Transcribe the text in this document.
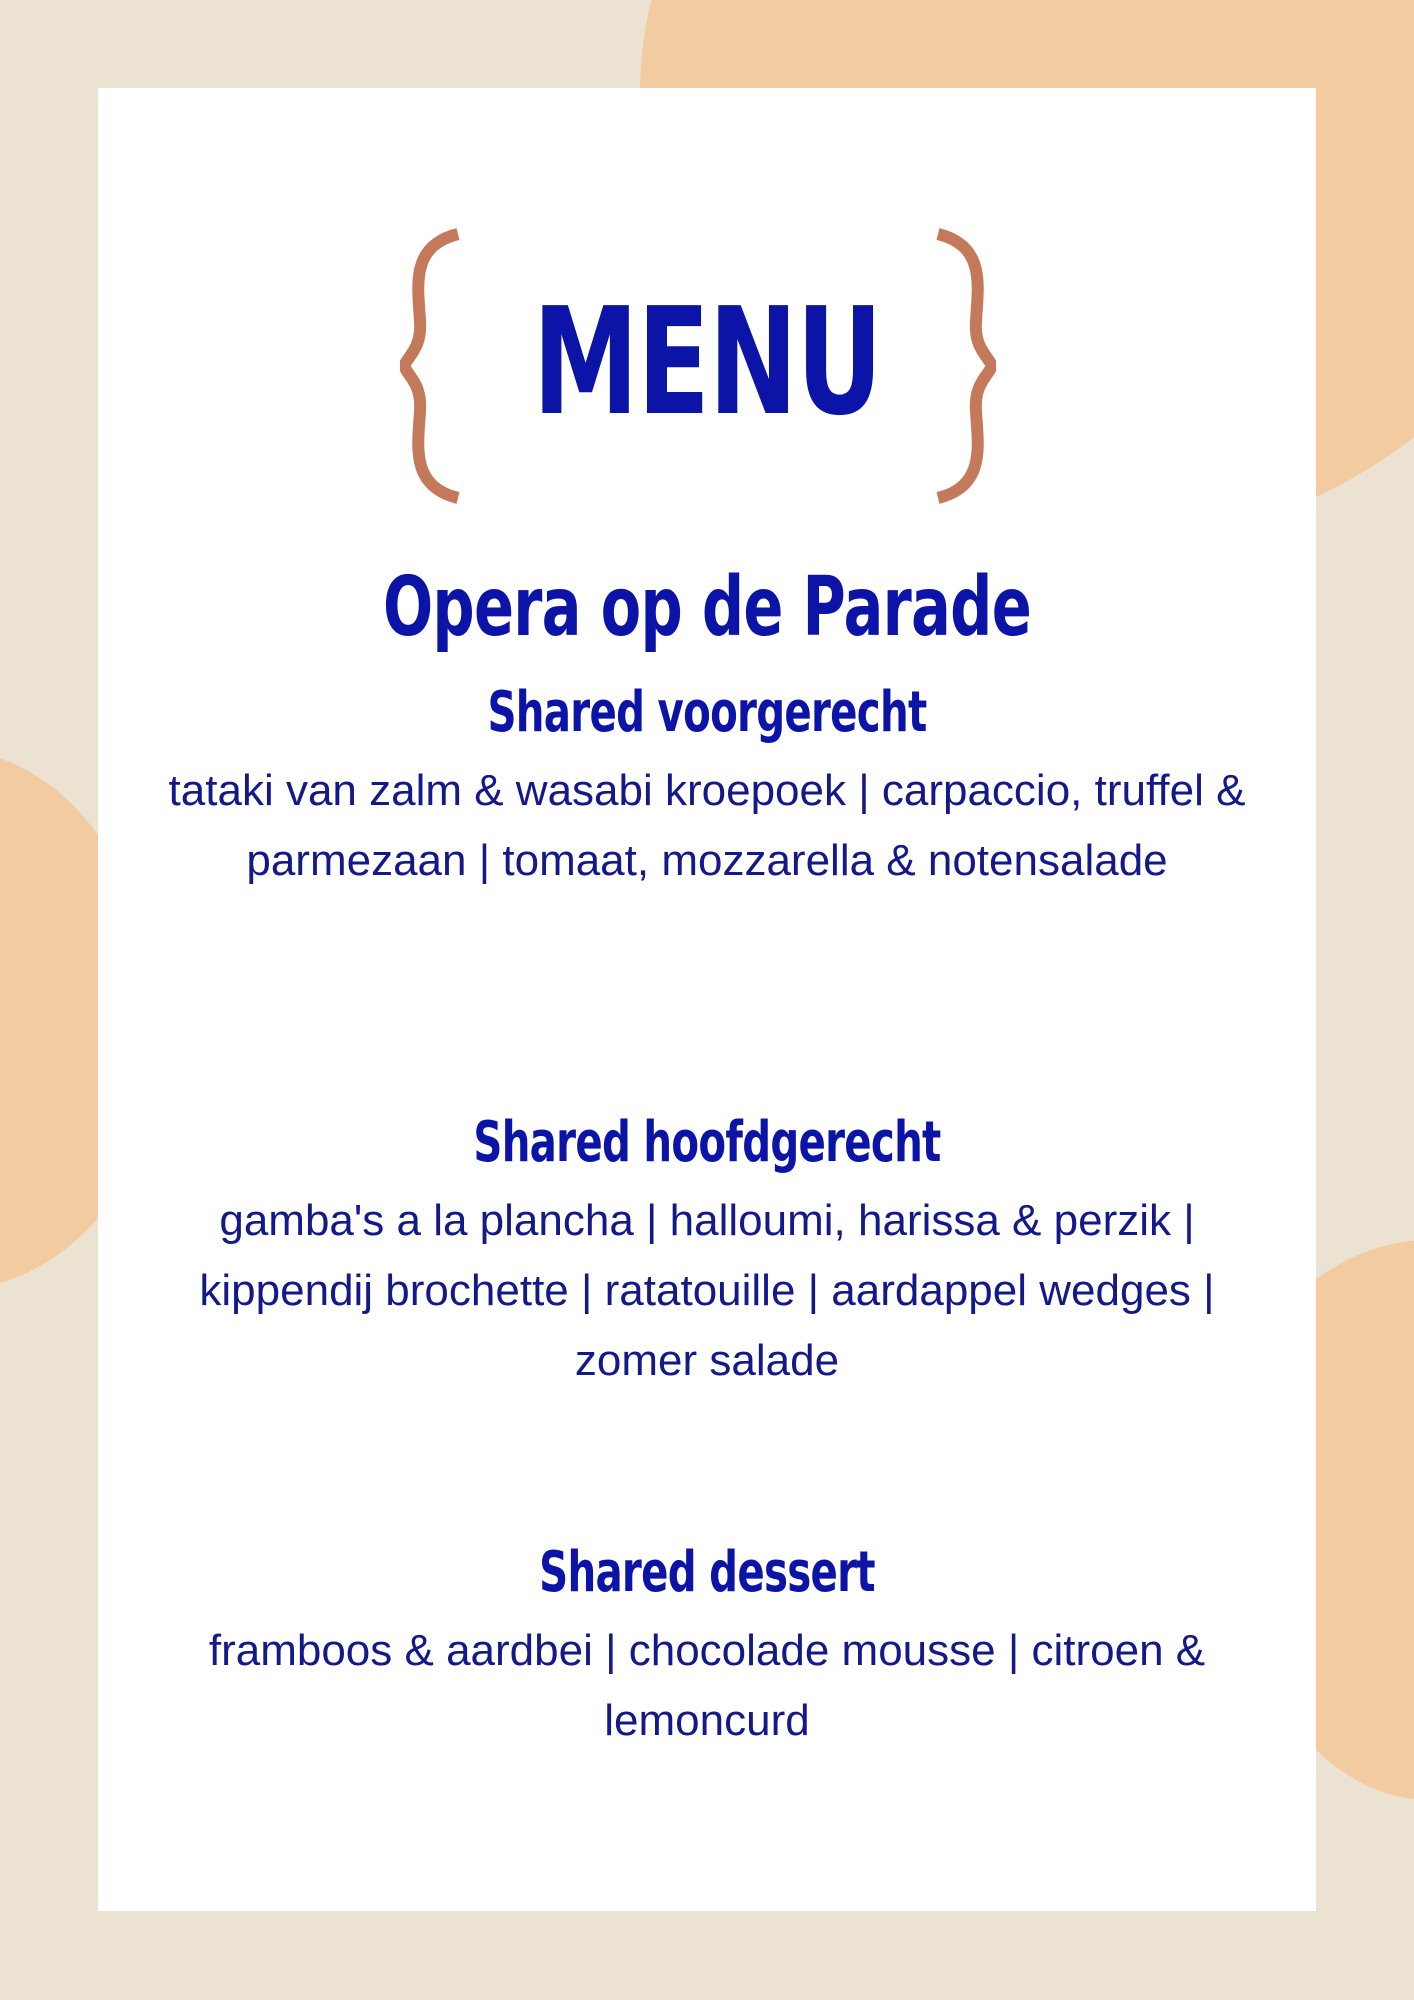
MENU
Opera op de Parade
Shared voorgerecht

tataki van zalm & wasabi kroepoek | carpaccio, truffel & parmezaan | tomaat, mozzarella & notensalade

Shared hoofdgerecht

gamba's a la plancha | halloumi, harissa & perzik | kippendij brochette | ratatouille | aardappel wedges | zomer salade

Shared dessert

framboos & aardbei | chocolade mousse | citroen & lemoncurd
